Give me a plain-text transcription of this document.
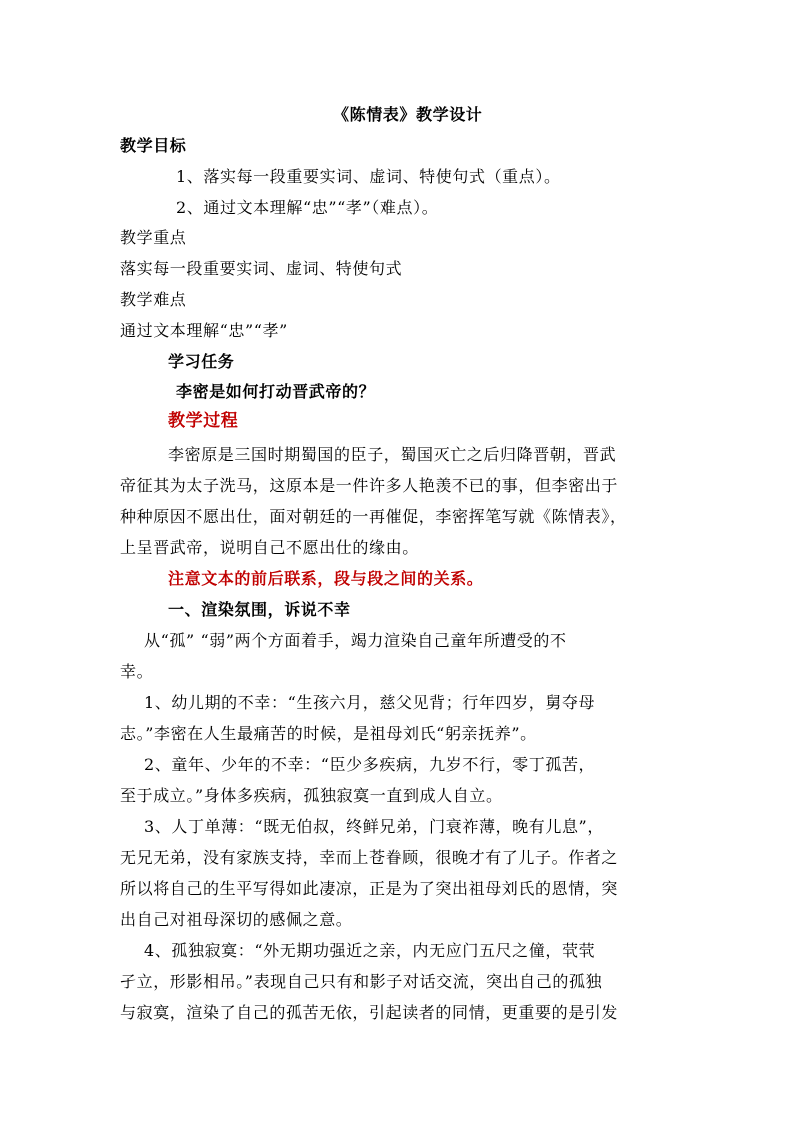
《陈情表》教学设计
教学目标
1、落实每一段重要实词、虚词、特使句式（重点）。
2、通过文本理解“忠”“孝”（难点）。
教学重点
落实每一段重要实词、虚词、特使句式
教学难点
通过文本理解“忠”“孝”
学习任务
李密是如何打动晋武帝的？
教学过程
李密原是三国时期蜀国的臣子，蜀国灭亡之后归降晋朝，晋武
帝征其为太子洗马，这原本是一件许多人艳羡不已的事，但李密出于
种种原因不愿出仕，面对朝廷的一再催促，李密挥笔写就《陈情表》，
上呈晋武帝，说明自己不愿出仕的缘由。
注意文本的前后联系，段与段之间的关系。
一、渲染氛围，诉说不幸
从“孤” “弱”两个方面着手，竭力渲染自己童年所遭受的不
幸。
1、幼儿期的不幸：“生孩六月，慈父见背；行年四岁，舅夺母
志。”李密在人生最痛苦的时候，是祖母刘氏“躬亲抚养”。
2、童年、少年的不幸：“臣少多疾病，九岁不行，零丁孤苦，
至于成立。”身体多疾病，孤独寂寞一直到成人自立。
3、人丁单薄：“既无伯叔，终鲜兄弟，门衰祚薄，晚有儿息”，
无兄无弟，没有家族支持，幸而上苍眷顾，很晚才有了儿子。作者之
所以将自己的生平写得如此凄凉，正是为了突出祖母刘氏的恩情，突
出自己对祖母深切的感佩之意。
4、孤独寂寞：“外无期功强近之亲，内无应门五尺之僮，茕茕
孑立，形影相吊。”表现自己只有和影子对话交流，突出自己的孤独
与寂寞，渲染了自己的孤苦无依，引起读者的同情，更重要的是引发
